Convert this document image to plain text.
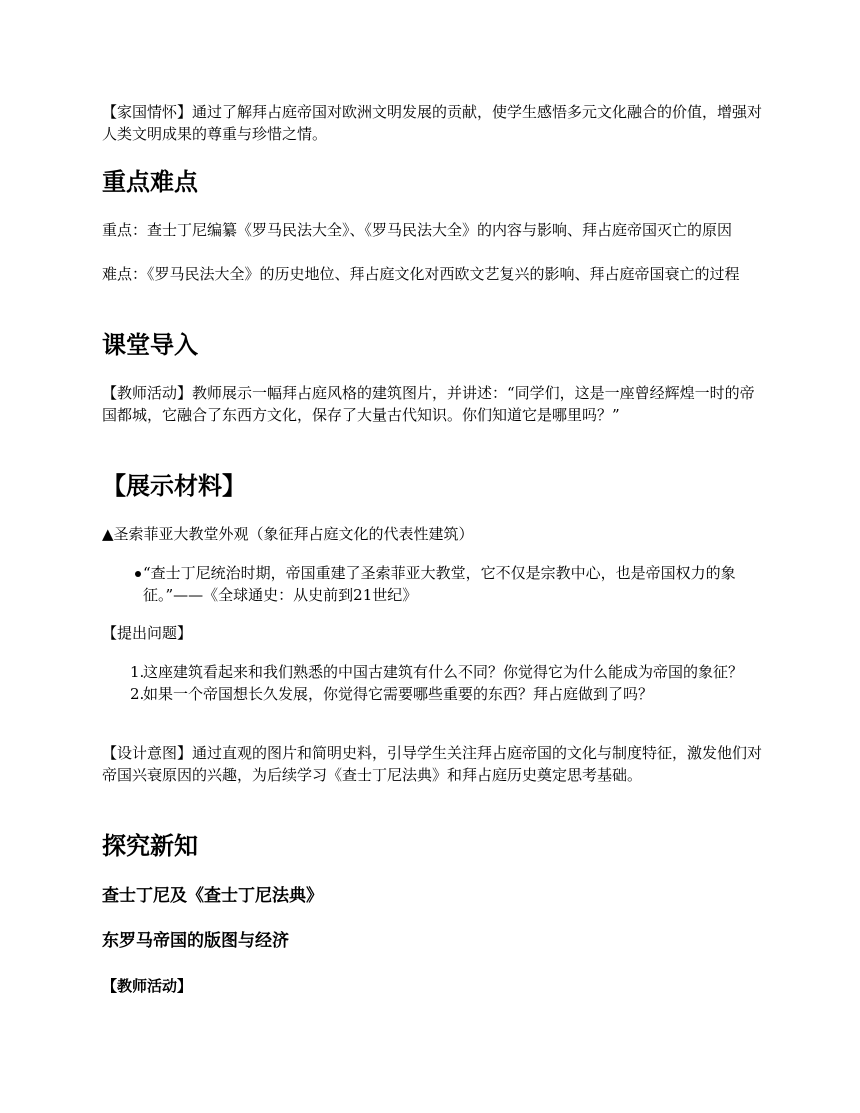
【家国情怀】通过了解拜占庭帝国对欧洲文明发展的贡献，使学生感悟多元文化融合的价值，增强对人类文明成果的尊重与珍惜之情。

重点难点

重点：查士丁尼编纂《罗马民法大全》、《罗马民法大全》的内容与影响、拜占庭帝国灭亡的原因

难点：《罗马民法大全》的历史地位、拜占庭文化对西欧文艺复兴的影响、拜占庭帝国衰亡的过程

课堂导入

【教师活动】教师展示一幅拜占庭风格的建筑图片，并讲述：“同学们，这是一座曾经辉煌一时的帝国都城，它融合了东西方文化，保存了大量古代知识。你们知道它是哪里吗？”

【展示材料】

▲圣索菲亚大教堂外观（象征拜占庭文化的代表性建筑）

“查士丁尼统治时期，帝国重建了圣索菲亚大教堂，它不仅是宗教中心，也是帝国权力的象征。”——《全球通史：从史前到21世纪》

【提出问题】

1.
这座建筑看起来和我们熟悉的中国古建筑有什么不同？你觉得它为什么能成为帝国的象征？
2.
如果一个帝国想长久发展，你觉得它需要哪些重要的东西？拜占庭做到了吗？

【设计意图】通过直观的图片和简明史料，引导学生关注拜占庭帝国的文化与制度特征，激发他们对帝国兴衰原因的兴趣，为后续学习《查士丁尼法典》和拜占庭历史奠定思考基础。

探究新知
查士丁尼及《查士丁尼法典》
东罗马帝国的版图与经济
【教师活动】
